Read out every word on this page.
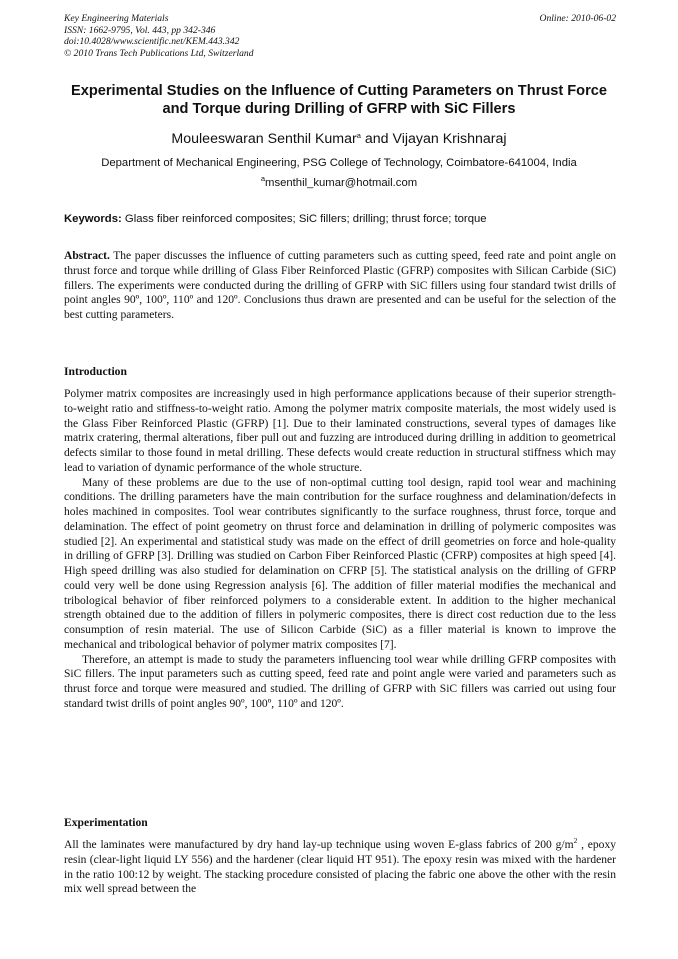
Key Engineering Materials
ISSN: 1662-9795, Vol. 443, pp 342-346
doi:10.4028/www.scientific.net/KEM.443.342
© 2010 Trans Tech Publications Ltd, Switzerland
Online: 2010-06-02
Experimental Studies on the Influence of Cutting Parameters on Thrust Force and Torque during Drilling of GFRP with SiC Fillers
Mouleeswaran Senthil Kumar$^a$ and Vijayan Krishnaraj
Department of Mechanical Engineering, PSG College of Technology, Coimbatore-641004, India
$^a$msenthil_kumar@hotmail.com
Keywords: Glass fiber reinforced composites; SiC fillers; drilling; thrust force; torque

Abstract. The paper discusses the influence of cutting parameters such as cutting speed, feed rate and point angle on thrust force and torque while drilling of Glass Fiber Reinforced Plastic (GFRP) composites with Silican Carbide (SiC) fillers. The experiments were conducted during the drilling of GFRP with SiC fillers using four standard twist drills of point angles 90º, 100º, 110º and 120º. Conclusions thus drawn are presented and can be useful for the selection of the best cutting parameters.

Introduction

Polymer matrix composites are increasingly used in high performance applications because of their superior strength-to-weight ratio and stiffness-to-weight ratio. Among the polymer matrix composite materials, the most widely used is the Glass Fiber Reinforced Plastic (GFRP) [1]. Due to their laminated constructions, several types of damages like matrix cratering, thermal alterations, fiber pull out and fuzzing are introduced during drilling in addition to geometrical defects similar to those found in metal drilling. These defects would create reduction in structural stiffness which may lead to variation of dynamic performance of the whole structure.

Many of these problems are due to the use of non-optimal cutting tool design, rapid tool wear and machining conditions. The drilling parameters have the main contribution for the surface roughness and delamination/defects in holes machined in composites. Tool wear contributes significantly to the surface roughness, thrust force, torque and delamination. The effect of point geometry on thrust force and delamination in drilling of polymeric composites was studied [2]. An experimental and statistical study was made on the effect of drill geometries on force and hole-quality in drilling of GFRP [3]. Drilling was studied on Carbon Fiber Reinforced Plastic (CFRP) composites at high speed [4]. High speed drilling was also studied for delamination on CFRP [5]. The statistical analysis on the drilling of GFRP could very well be done using Regression analysis [6]. The addition of filler material modifies the mechanical and tribological behavior of fiber reinforced polymers to a considerable extent. In addition to the higher mechanical strength obtained due to the addition of fillers in polymeric composites, there is direct cost reduction due to the less consumption of resin material. The use of Silicon Carbide (SiC) as a filler material is known to improve the mechanical and tribological behavior of polymer matrix composites [7].

Therefore, an attempt is made to study the parameters influencing tool wear while drilling GFRP composites with SiC fillers. The input parameters such as cutting speed, feed rate and point angle were varied and parameters such as thrust force and torque were measured and studied. The drilling of GFRP with SiC fillers was carried out using four standard twist drills of point angles 90º, 100º, 110º and 120º.

Experimentation

All the laminates were manufactured by dry hand lay-up technique using woven E-glass fabrics of 200 $g/m^2$ , epoxy resin (clear-light liquid LY 556) and the hardener (clear liquid HT 951). The epoxy resin was mixed with the hardener in the ratio 100:12 by weight. The stacking procedure consisted of placing the fabric one above the other with the resin mix well spread between the
